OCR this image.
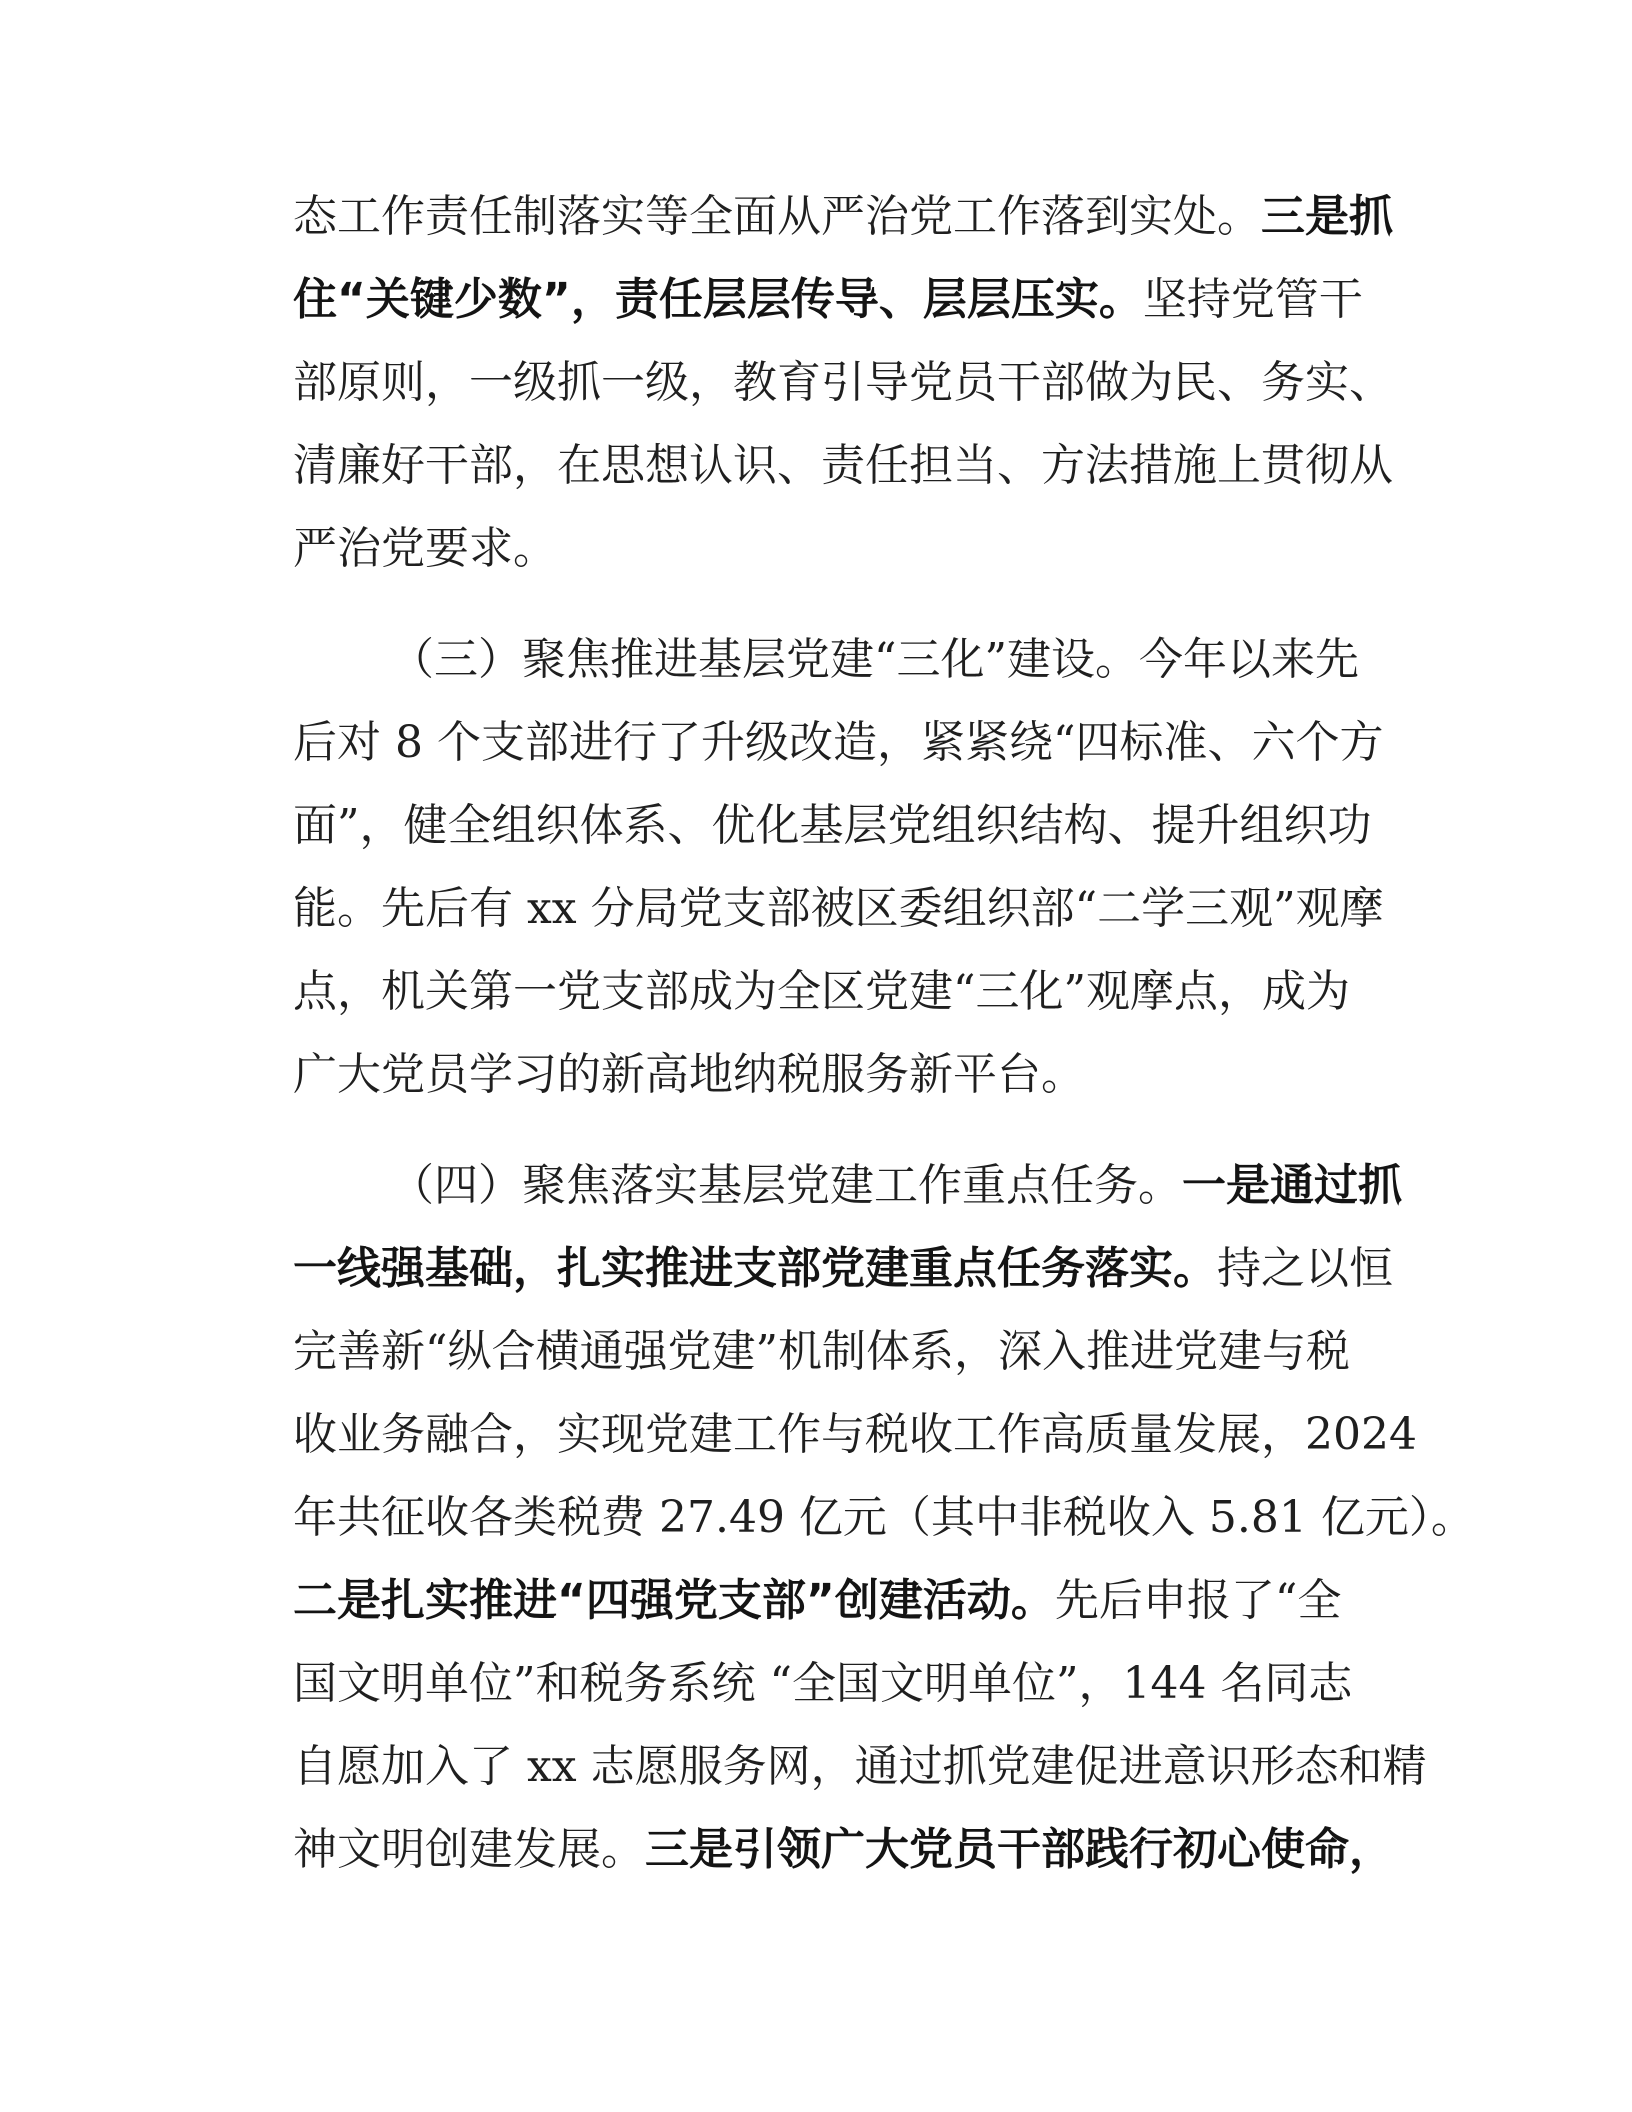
态工作责任制落实等全面从严治党工作落到实处。三是抓
住“关键少数”，责任层层传导、层层压实。坚持党管干
部原则，一级抓一级，教育引导党员干部做为民、务实、
清廉好干部，在思想认识、责任担当、方法措施上贯彻从
严治党要求。
（三）聚焦推进基层党建“三化”建设。今年以来先
后对 8 个支部进行了升级改造，紧紧绕“四标准、六个方
面”，健全组织体系、优化基层党组织结构、提升组织功
能。先后有 xx 分局党支部被区委组织部“二学三观”观摩
点，机关第一党支部成为全区党建“三化”观摩点，成为
广大党员学习的新高地纳税服务新平台。
（四）聚焦落实基层党建工作重点任务。一是通过抓
一线强基础，扎实推进支部党建重点任务落实。持之以恒
完善新“纵合横通强党建”机制体系，深入推进党建与税
收业务融合，实现党建工作与税收工作高质量发展，2024
年共征收各类税费 27.49 亿元（其中非税收入 5.81 亿元）。
二是扎实推进“四强党支部”创建活动。先后申报了“全
国文明单位”和税务系统 “全国文明单位”，144 名同志
自愿加入了 xx 志愿服务网，通过抓党建促进意识形态和精
神文明创建发展。三是引领广大党员干部践行初心使命，
